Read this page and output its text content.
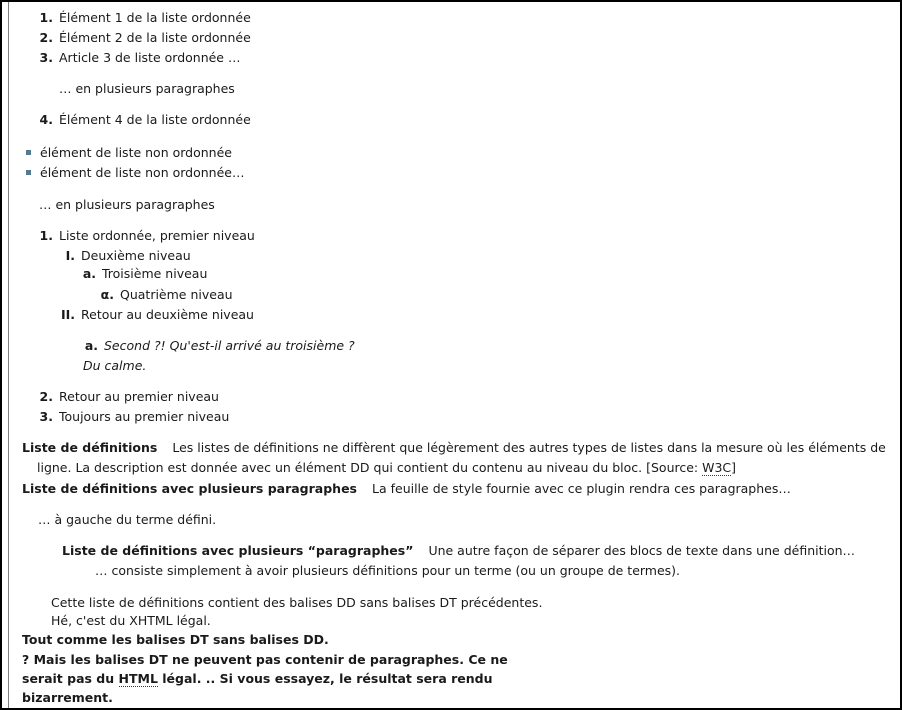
1. Élément 1 de la liste ordonnée
2. Élément 2 de la liste ordonnée
3. Article 3 de liste ordonnée …
… en plusieurs paragraphes
4. Élément 4 de la liste ordonnée
élément de liste non ordonnée
élément de liste non ordonnée…
… en plusieurs paragraphes
1. Liste ordonnée, premier niveau
I. Deuxième niveau
a. Troisième niveau
α. Quatrième niveau
II. Retour au deuxième niveau
a. Second ?! Qu'est-il arrivé au troisième ?
Du calme.
2. Retour au premier niveau
3. Toujours au premier niveau
Liste de définitions Les listes de définitions ne diffèrent que légèrement des autres types de listes dans la mesure où les éléments de
ligne. La description est donnée avec un élément DD qui contient du contenu au niveau du bloc. [Source: W3C]
Liste de définitions avec plusieurs paragraphes La feuille de style fournie avec ce plugin rendra ces paragraphes…
… à gauche du terme défini.
Liste de définitions avec plusieurs “paragraphes” Une autre façon de séparer des blocs de texte dans une définition…
… consiste simplement à avoir plusieurs définitions pour un terme (ou un groupe de termes).
Cette liste de définitions contient des balises DD sans balises DT précédentes.
Hé, c'est du XHTML légal.
Tout comme les balises DT sans balises DD.
? Mais les balises DT ne peuvent pas contenir de paragraphes. Ce ne
serait pas du HTML légal. .. Si vous essayez, le résultat sera rendu
bizarrement.
